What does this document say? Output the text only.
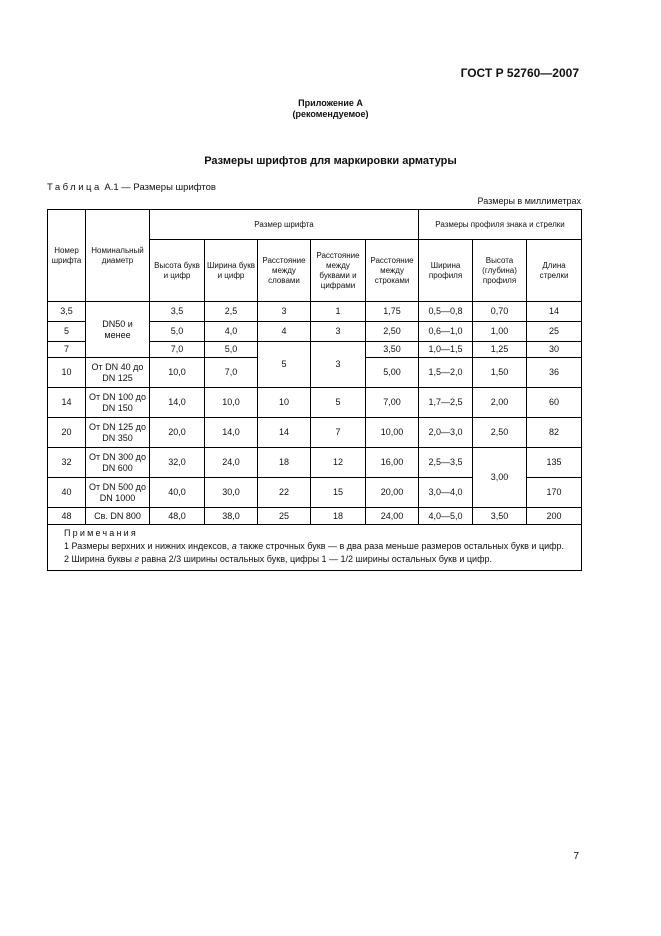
ГОСТ Р 52760—2007
Приложение А
(рекомендуемое)
Размеры шрифтов для маркировки арматуры
Таблица А.1 — Размеры шрифтов
Размеры в миллиметрах
Номер шрифта	Номинальный диаметр	Размер шрифта					Размеры профиля знака и стрелки		
		Высота букв и цифр	Ширина букв и цифр	Расстояние между словами	Расстояние между буквами и цифрами	Расстояние между строками	Ширина профиля	Высота (глубина) профиля	Длина стрелки
3,5	DN50 и менее	3,5	2,5	3	1	1,75	0,5—0,8	0,70	14
5		5,0	4,0	4	3	2,50	0,6—1,0	1,00	25
7		7,0	5,0	5	3	3,50	1,0—1,5	1,25	30
10	От DN 40 до DN 125	10,0	7,0			5,00	1,5—2,0	1,50	36
14	От DN 100 до DN 150	14,0	10,0	10	5	7,00	1,7—2,5	2,00	60
20	От DN 125 до DN 350	20,0	14,0	14	7	10,00	2,0—3,0	2,50	82
32	От DN 300 до DN 600	32,0	24,0	18	12	16,00	2,5—3,5	3,00	135
40	От DN 500 до DN 1000	40,0	30,0	22	15	20,00	3,0—4,0		170
48	Св. DN 800	48,0	38,0	25	18	24,00	4,0—5,0	3,50	200

Примечания
1 Размеры верхних и нижних индексов, а также строчных букв — в два раза меньше размеров остальных букв и цифр.
2 Ширина буквы г равна 2/3 ширины остальных букв, цифры 1 — 1/2 ширины остальных букв и цифр.									
7
